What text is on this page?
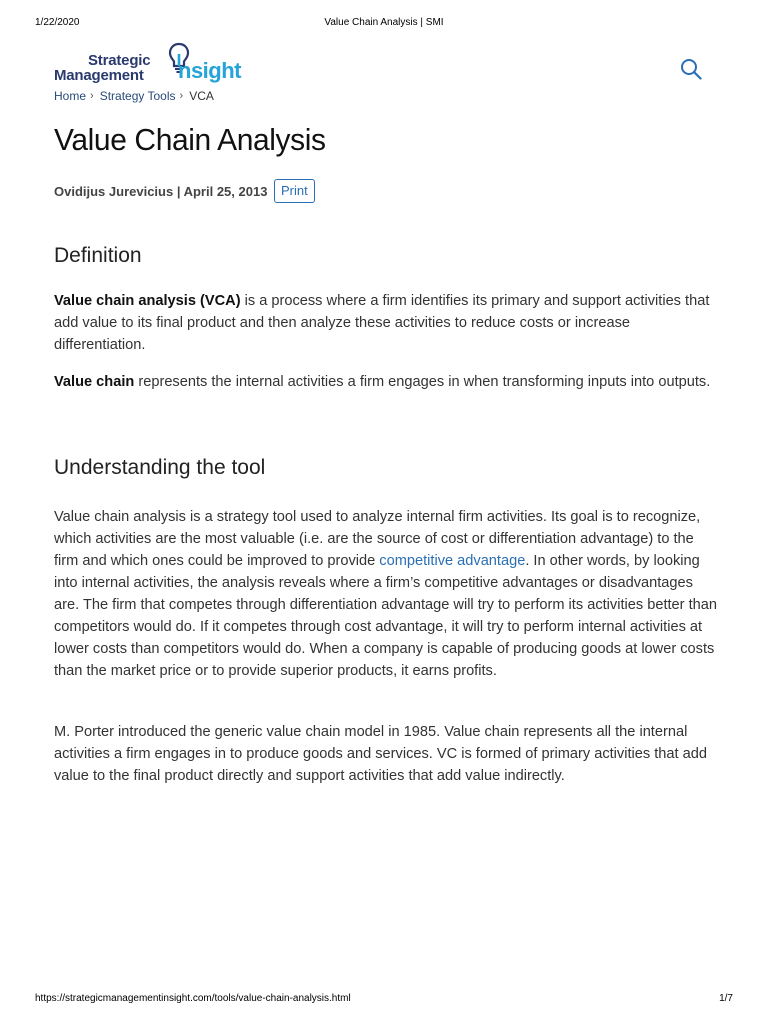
1/22/2020	Value Chain Analysis | SMI
Strategic
Management nsight
Home › Strategy Tools › VCA
Value Chain Analysis
Ovidijus Jurevicius | April 25, 2013	Print
Definition

Value chain analysis (VCA) is a process where a firm identifies its primary and support activities that add value to its final product and then analyze these activities to reduce costs or increase differentiation.

Value chain represents the internal activities a firm engages in when transforming inputs into outputs.

Understanding the tool

Value chain analysis is a strategy tool used to analyze internal firm activities. Its goal is to recognize, which activities are the most valuable (i.e. are the source of cost or differentiation advantage) to the firm and which ones could be improved to provide competitive advantage. In other words, by looking into internal activities, the analysis reveals where a firm’s competitive advantages or disadvantages are. The firm that competes through differentiation advantage will try to perform its activities better than competitors would do. If it competes through cost advantage, it will try to perform internal activities at lower costs than competitors would do. When a company is capable of producing goods at lower costs than the market price or to provide superior products, it earns profits.

M. Porter introduced the generic value chain model in 1985. Value chain represents all the internal activities a firm engages in to produce goods and services. VC is formed of primary activities that add value to the final product directly and support activities that add value indirectly.

https://strategicmanagementinsight.com/tools/value-chain-analysis.html	1/7
